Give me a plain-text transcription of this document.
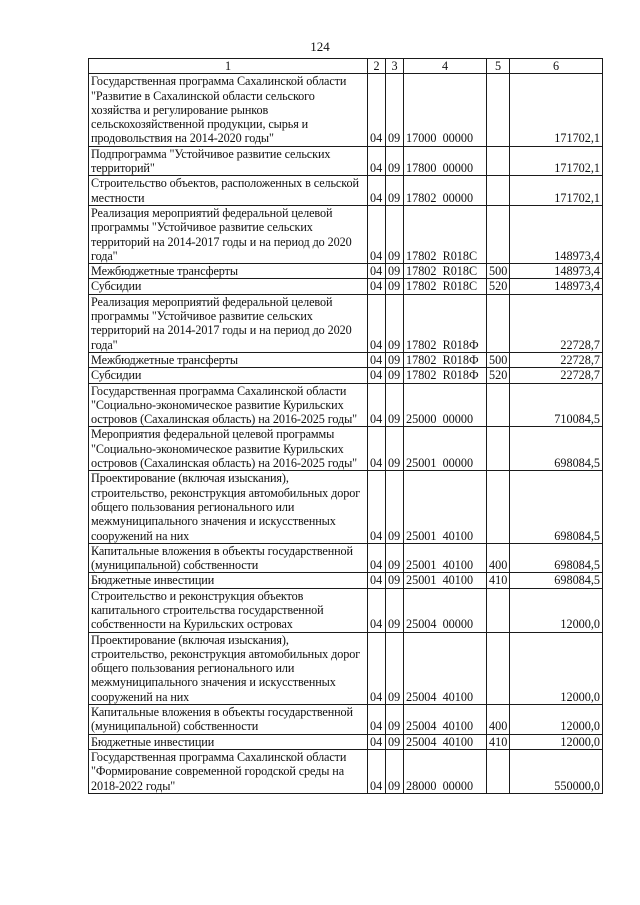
124
1	2	3	4	5	6
Государственная программа Сахалинской области "Развитие в Сахалинской области сельского хозяйства и регулирование рынков сельскохозяйственной продукции, сырья и продовольствия на 2014-2020 годы"	04	09	17000  00000		171702,1
Подпрограмма "Устойчивое развитие сельских территорий"	04	09	17800  00000		171702,1
Строительство объектов, расположенных в сельской местности	04	09	17802  00000		171702,1
Реализация мероприятий федеральной целевой программы "Устойчивое развитие сельских территорий на 2014-2017 годы и на период до 2020 года"	04	09	17802  R018C		148973,4
Межбюджетные трансферты	04	09	17802  R018C	500	148973,4
Субсидии	04	09	17802  R018C	520	148973,4
Реализация мероприятий федеральной целевой программы "Устойчивое развитие сельских территорий на 2014-2017 годы и на период до 2020 года"	04	09	17802  R018Ф		22728,7
Межбюджетные трансферты	04	09	17802  R018Ф	500	22728,7
Субсидии	04	09	17802  R018Ф	520	22728,7
Государственная программа Сахалинской области "Социально-экономическое развитие Курильских островов (Сахалинская область) на 2016-2025 годы"	04	09	25000  00000		710084,5
Мероприятия федеральной целевой программы "Социально-экономическое развитие Курильских островов (Сахалинская область) на 2016-2025 годы"	04	09	25001  00000		698084,5
Проектирование (включая изыскания), строительство, реконструкция автомобильных дорог общего пользования регионального или межмуниципального значения и искусственных сооружений на них	04	09	25001  40100		698084,5
Капитальные вложения в объекты государственной (муниципальной) собственности	04	09	25001  40100	400	698084,5
Бюджетные инвестиции	04	09	25001  40100	410	698084,5
Строительство и реконструкция объектов капитального строительства государственной собственности на Курильских островах	04	09	25004  00000		12000,0
Проектирование (включая изыскания), строительство, реконструкция автомобильных дорог общего пользования регионального или межмуниципального значения и искусственных сооружений на них	04	09	25004  40100		12000,0
Капитальные вложения в объекты государственной (муниципальной) собственности	04	09	25004  40100	400	12000,0
Бюджетные инвестиции	04	09	25004  40100	410	12000,0
Государственная программа Сахалинской области "Формирование современной городской среды на 2018-2022 годы"	04	09	28000  00000		550000,0
